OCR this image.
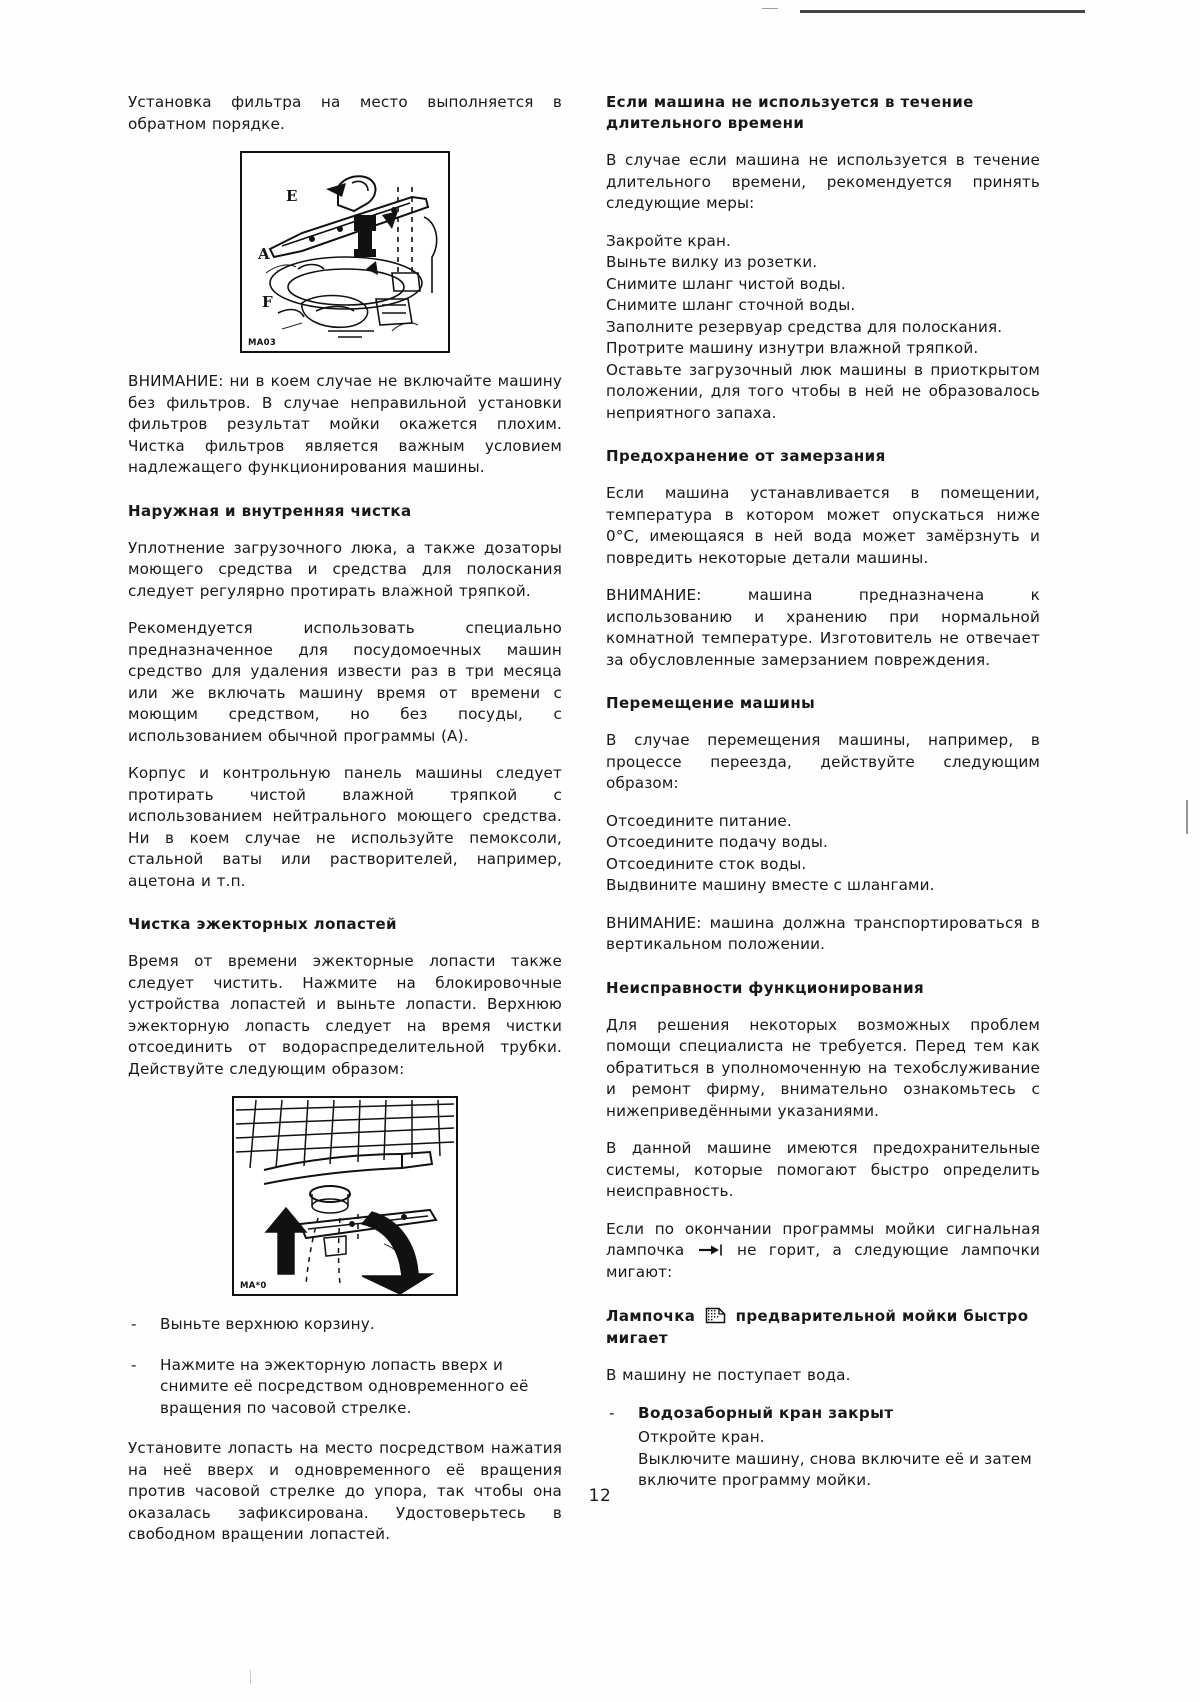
Установка фильтра на место выполняется в обратном порядке.

E
A
F
MA03

ВНИМАНИЕ: ни в коем случае не включайте машину без фильтров. В случае неправильной установки фильтров результат мойки окажется плохим. Чистка фильтров является важным условием надлежащего функционирования машины.

Наружная и внутренняя чистка

Уплотнение загрузочного люка, а также дозаторы моющего средства и средства для полоскания следует регулярно протирать влажной тряпкой.

Рекомендуется использовать специально предназначенное для посудомоечных машин средство для удаления извести раз в три месяца или же включать машину время от времени с моющим средством, но без посуды, с использованием обычной программы (A).

Корпус и контрольную панель машины следует протирать чистой влажной тряпкой с использованием нейтрального моющего средства. Ни в коем случае не используйте пемоксоли, стальной ваты или растворителей, например, ацетона и т.п.

Чистка эжекторных лопастей

Время от времени эжекторные лопасти также следует чистить. Нажмите на блокировочные устройства лопастей и выньте лопасти. Верхнюю эжекторную лопасть следует на время чистки отсоединить от водораспределительной трубки. Действуйте следующим образом:

MA*0
- Выньте верхнюю корзину.
- Нажмите на эжекторную лопасть вверх и снимите её посредством одновременного её вращения по часовой стрелке.

Установите лопасть на место посредством нажатия на неё вверх и одновременного её вращения против часовой стрелке до упора, так чтобы она оказалась зафиксирована. Удостоверьтесь в свободном вращении лопастей.

Если машина не используется в течение длительного времени

В случае если машина не используется в течение длительного времени, рекомендуется принять следующие меры:

Закройте кран.
Выньте вилку из розетки.
Снимите шланг чистой воды.
Снимите шланг сточной воды.
Заполните резервуар средства для полоскания.
Протрите машину изнутри влажной тряпкой.
Оставьте загрузочный люк машины в приоткрытом положении, для того чтобы в ней не образовалось неприятного запаха.
Предохранение от замерзания

Если машина устанавливается в помещении, температура в котором может опускаться ниже 0°C, имеющаяся в ней вода может замёрзнуть и повредить некоторые детали машины.

ВНИМАНИЕ: машина предназначена к использованию и хранению при нормальной комнатной температуре. Изготовитель не отвечает за обусловленные замерзанием повреждения.

Перемещение машины

В случае перемещения машины, например, в процессе переезда, действуйте следующим образом:

Отсоедините питание.
Отсоедините подачу воды.
Отсоедините сток воды.
Выдвините машину вместе с шлангами.

ВНИМАНИЕ: машина должна транспортироваться в вертикальном положении.

Неисправности функционирования

Для решения некоторых возможных проблем помощи специалиста не требуется. Перед тем как обратиться в уполномоченную на техобслуживание и ремонт фирму, внимательно ознакомьтесь с нижеприведёнными указаниями.

В данной машине имеются предохранительные системы, которые помогают быстро определить неисправность.

Если по окончании программы мойки сигнальная лампочка	не горит, а следующие лампочки мигают:

Лампочка	предварительной мойки быстро мигает

В машину не поступает вода.

- Водозаборный кран закрыт
Откройте кран.
Выключите машину, снова включите её и затем включите программу мойки.
12
